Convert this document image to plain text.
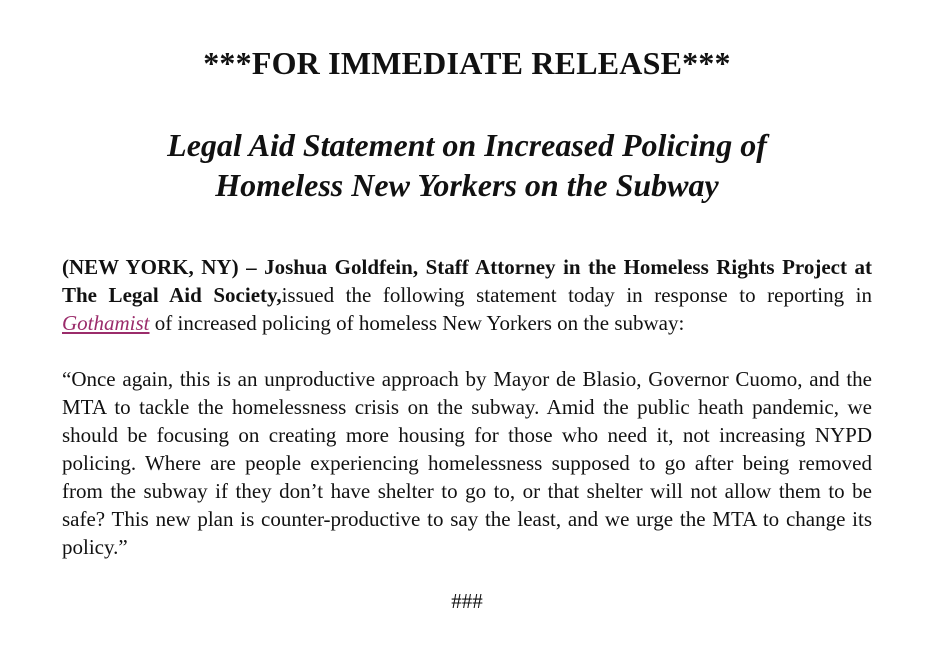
***FOR IMMEDIATE RELEASE***
Legal Aid Statement on Increased Policing of
Homeless New Yorkers on the Subway

(NEW YORK, NY) – Joshua Goldfein, Staff Attorney in the Homeless Rights Project at The Legal Aid Society,issued the following statement today in response to reporting in Gothamist of increased policing of homeless New Yorkers on the subway:

“Once again, this is an unproductive approach by Mayor de Blasio, Governor Cuomo, and the MTA to tackle the homelessness crisis on the subway. Amid the public heath pandemic, we should be focusing on creating more housing for those who need it, not increasing NYPD policing. Where are people experiencing homelessness supposed to go after being removed from the subway if they don’t have shelter to go to, or that shelter will not allow them to be safe? This new plan is counter-productive to say the least, and we urge the MTA to change its policy.”

###
